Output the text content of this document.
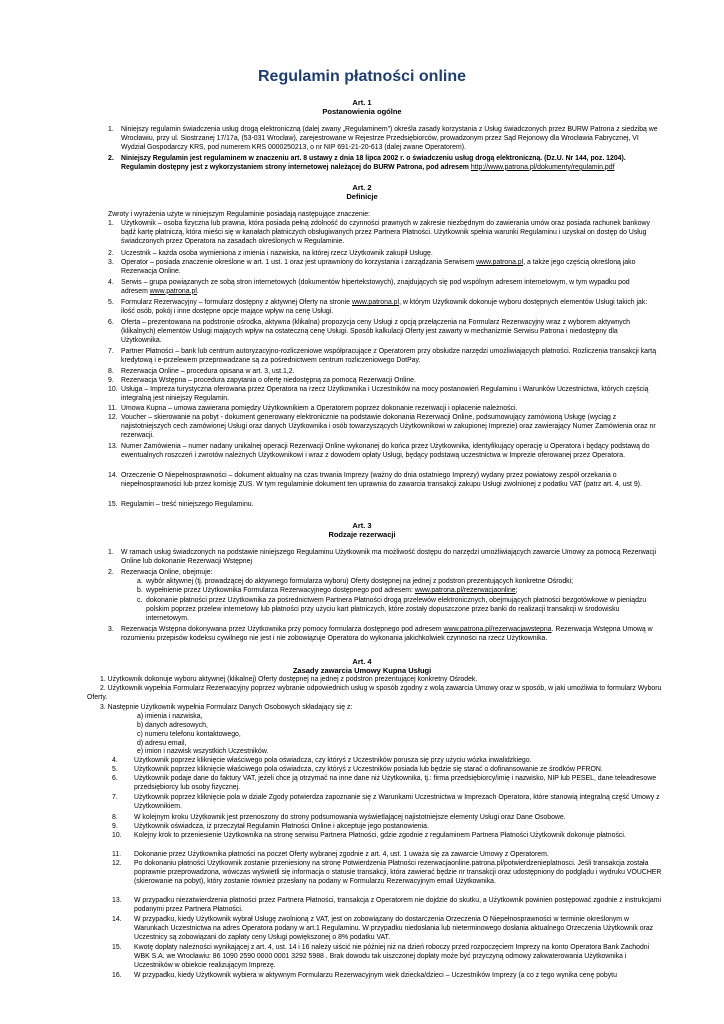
Regulamin płatności online
Art. 1
Postanowienia ogólne
1.	Niniejszy regulamin świadczenia usług drogą elektroniczną (dalej zwany „Regulaminem") określa zasady korzystania z Usług świadczonych przez BURW Patrona z siedzibą we Wrocławiu, przy ul. Siostrzanej 17/17a, (53-031 Wrocław), zarejestrowane w Rejestrze Przedsiębiorców, prowadzonym przez Sąd Rejonowy dla Wrocławia Fabrycznej, VI Wydział Gospodarczy KRS, pod numerem KRS 0000250213, o nr NIP 691-21-20-613 (dalej zwane Operatorem).
2.	Niniejszy Regulamin jest regulaminem w znaczeniu art. 8 ustawy z dnia 18 lipca 2002 r. o świadczeniu usług drogą elektroniczną. (Dz.U. Nr 144, poz. 1204). Regulamin dostępny jest z wykorzystaniem strony internetowej należącej do BURW Patrona, pod adresem http://www.patrona.pl/dokumenty/regulamin.pdf
Art. 2
Definicje
Zwroty i wyrażenia użyte w niniejszym Regulaminie posiadają następujące znaczenie:
1.	Użytkownik – osoba fizyczna lub prawna, która posiada pełną zdolność do czynności prawnych w zakresie niezbędnym do zawierania umów oraz posiada rachunek bankowy bądź kartę płatniczą, która mieści się w kanałach płatniczych obsługiwanych przez Partnera Płatności. Użytkownik spełnia warunki Regulaminu i uzyskał on dostęp do Usług świadczonych przez Operatora na zasadach określonych w Regulaminie.
2.	Uczestnik – każda osoba wymieniona z imienia i nazwiska, na której rzecz Użytkownik zakupił Usługę.
3.	Operator – posiada znaczenie określone w art. 1 ust. 1 oraz jest uprawniony do korzystania i zarządzania Serwisem www.patrona.pl, a także jego częścią określoną jako Rezerwacja Online.
4.	Serwis – grupa powiązanych ze sobą stron internetowych (dokumentów hipertekstowych), znajdujących się pod wspólnym adresem internetowym, w tym wypadku pod adresem www.patrona.pl.
5.	Formularz Rezerwacyjny – formularz dostępny z aktywnej Oferty na stronie www.patrona.pl, w którym Użytkownik dokonuje wyboru dostępnych elementów Usługi takich jak: ilość osób, pokój i inne dostępne opcje mające wpływ na cenę Usługi.
6.	Oferta – prezentowana na podstronie ośrodka, aktywna (klikalna) propozycja ceny Usługi z opcją przełączenia na Formularz Rezerwacyjny wraz z wyborem aktywnych (klikalnych) elementów Usługi mających wpływ na ostateczną cenę Usługi. Sposób kalkulacji Oferty jest zawarty w mechanizmie Serwisu Patrona i niedostępny dla Użytkownika.
7.	Partner Płatności – bank lub centrum autoryzacyjno-rozliczeniowe współpracujące z Operatorem przy obsłudze narzędzi umożliwiających płatności. Rozliczenia transakcji kartą kredytową i e-przelewem przeprowadzane są za pośrednictwem centrum rozliczeniowego DotPay.
8.	Rezerwacja Online – procedura opisana w art. 3, ust.1,2.
9.	Rezerwacja Wstępna – procedura zapytania o ofertę niedostępną za pomocą Rezerwacji Online.
10. Usługa – Impreza turystyczna oferowana przez Operatora na rzecz Użytkownika i Uczestników na mocy postanowień Regulaminu i Warunków Uczestnictwa, których częścią integralną jest niniejszy Regulamin.
11. Umowa Kupna – umowa zawierana pomiędzy Użytkownikiem a Operatorem poprzez dokonanie rezerwacji i opłacenie należności.
12. Voucher – skierowanie na pobyt - dokument generowany elektronicznie na podstawie dokonania Rezerwacji Online, podsumowujący zamówioną Usługę (wyciąg z najistotniejszych cech zamówionej Usługi oraz danych Użytkownika i osób towarzyszących Użytkownikowi w zakupionej Imprezie) oraz zawierający Numer Zamówienia oraz nr rezerwacji.
13. Numer Zamówienia – numer nadany unikalnej operacji Rezerwacji Online wykonanej do końca przez Użytkownika, identyfikujący operację u Operatora i będący podstawą do ewentualnych roszczeń i zwrotów należnych Użytkownikowi i wraz z dowodem opłaty Usługi, będący podstawą uczestnictwa w Imprezie oferowanej przez Operatora.
14. Orzeczenie O Niepełnosprawności – dokument aktualny na czas trwania Imprezy (ważny do dnia ostatniego Imprezy) wydany przez powiatowy zespół orzekania o niepełnosprawności lub przez komisję ZUS. W tym regulaminie dokument ten uprawnia do zawarcia transakcji zakupu Usługi zwolnionej z podatku VAT (patrz art. 4, ust 9).
15. Regulamin – treść niniejszego Regulaminu.
Art. 3
Rodzaje rezerwacji
1.	W ramach usług świadczonych na podstawie niniejszego Regulaminu Użytkownik ma możliwość dostępu do narzędzi umożliwiających zawarcie Umowy za pomocą Rezerwacji Online lub dokonanie Rezerwacji Wstępnej
2.	Rezerwacja Online, obejmuje:
a. wybór aktywnej (tj. prowadzącej do aktywnego formularza wyboru) Oferty dostępnej na jednej z podstron prezentujących konkretne Ośrodki;
b. wypełnienie przez Użytkownika Formularza Rezerwacyjnego dostępnego pod adresem: www.patrona.pl/rezerwacjaonline;
c. dokonanie płatności przez Użytkownika za pośrednictwem Partnera Płatności drogą przelewów elektronicznych, obejmujących płatności bezgotówkowe w pieniądzu polskim poprzez przelew internetowy lub płatności przy użyciu kart płatniczych, które zostały dopuszczone przez banki do realizacji transakcji w środowisku internetowym.
3.	Rezerwacja Wstępna dokonywana przez Użytkownika przy pomocy formularza dostępnego pod adresem www.patrona.pl/rezerwacjawstepna. Rezerwacja Wstępna Umową w rozumieniu przepisów kodeksu cywilnego nie jest i nie zobowiązuje Operatora do wykonania jakichkolwiek czynności na rzecz Użytkownika.
Art. 4
Zasady zawarcia Umowy Kupna Usługi
1. Użytkownik dokonuje wyboru aktywnej (klikalnej) Oferty dostępnej na jednej z podstron prezentującej konkretny Ośrodek.
2. Użytkownik wypełnia Formularz Rezerwacyjny poprzez wybranie odpowiednich usług w sposób zgodny z wolą zawarcia Umowy oraz w sposób, w jaki umożliwia to formularz Wyboru Oferty.
3. Następnie Użytkownik wypełnia Formularz Danych Osobowych składający się z:
a) imienia i nazwiska,
b) danych adresowych,
c) numeru telefonu kontaktowego,
d) adresu email,
e) imion i nazwisk wszystkich Uczestników.
4.	Użytkownik poprzez kliknięcie właściwego pola oświadcza, czy któryś z Uczestników porusza się przy użyciu wózka inwalidzkiego.
5.	Użytkownik poprzez kliknięcie właściwego pola oświadcza, czy któryś z Uczestników posiada lub będzie się starać o dofinansowanie ze środków PFRON.
6.	Użytkownik podaje dane do faktury VAT, jeżeli chce ją otrzymać na inne dane niż Użytkownika, tj.: firma przedsiębiorcy/imię i nazwisko, NIP lub PESEL, dane teleadresowe przedsiębiorcy lub osoby fizycznej.
7.	Użytkownik poprzez kliknięcie pola w dziale Zgody potwierdza zapoznanie się z Warunkami Uczestnictwa w Imprezach Operatora, które stanowią integralną część Umowy z Użytkownikiem.
8.	W kolejnym kroku Użytkownik jest przenoszony do strony podsumowania wyświetlającej najistotniejsze elementy Usługi oraz Dane Osobowe.
9.	Użytkownik oświadcza, iż przeczytał Regulamin Płatności Online i akceptuje jego postanowienia.
10.	Kolejny krok to przeniesienie Użytkownika na stronę serwisu Partnera Płatności, gdzie zgodnie z regulaminem Partnera Płatności Użytkownik dokonuje płatności.
11.	Dokonanie przez Użytkownika płatności na poczet Oferty wybranej zgodnie z art. 4, ust. 1 uważa się za zawarcie Umowy z Operatorem.
12.	Po dokonaniu płatności Użytkownik zostanie przeniesiony na stronę Potwierdzenia Płatności rezerwacjaonline.patrona.pl/potwierdzenieplatnosci. Jeśli transakcja została poprawnie przeprowadzona, wówczas wyświetli się informacja o statusie transakcji, która zawierać będzie nr transakcji oraz udostępniony do podglądu i wydruku VOUCHER (skierowanie na pobyt), który zostanie również przesłany na podany w Formularzu Rezerwacyjnym email Użytkownika.
13.	W przypadku niezatwierdzenia płatności przez Partnera Płatności, transakcja z Operatorem nie dojdzie do skutku, a Użytkownik powinien postępować zgodnie z instrukcjami podanymi przez Partnera Płatności.
14.	W przypadku, kiedy Użytkownik wybrał Usługę zwolnioną z VAT, jest on zobowiązany do dostarczenia Orzeczenia O Niepełnosprawności w terminie określonym w Warunkach Uczestnictwa na adres Operatora podany w art.1 Regulaminu. W przypadku niedosłania lub nieterminowego dosłania aktualnego Orzeczenia Użytkownik oraz Uczestnicy są zobowiązani do zapłaty ceny Usługi powiększonej o 8% podatku VAT.
15.	Kwotę dopłaty należności wynikającej z art. 4, ust. 14 i 16 należy uiścić nie później niż na dzień roboczy przed rozpoczęciem Imprezy na konto Operatora Bank Zachodni WBK S.A. we Wrocławiu: 86 1090 2590 0000 0001 3292 5988 . Brak dowodu tak uiszczonej dopłaty może być przyczyną odmowy zakwaterowania Użytkownika i Uczestników w obiekcie realizującym Imprezę.
16.	W przypadku, kiedy Użytkownik wybiera w aktywnym Formularzu Rezerwacyjnym wiek dziecka/dzieci – Uczestników Imprezy (a co z tego wynika cenę pobytu
